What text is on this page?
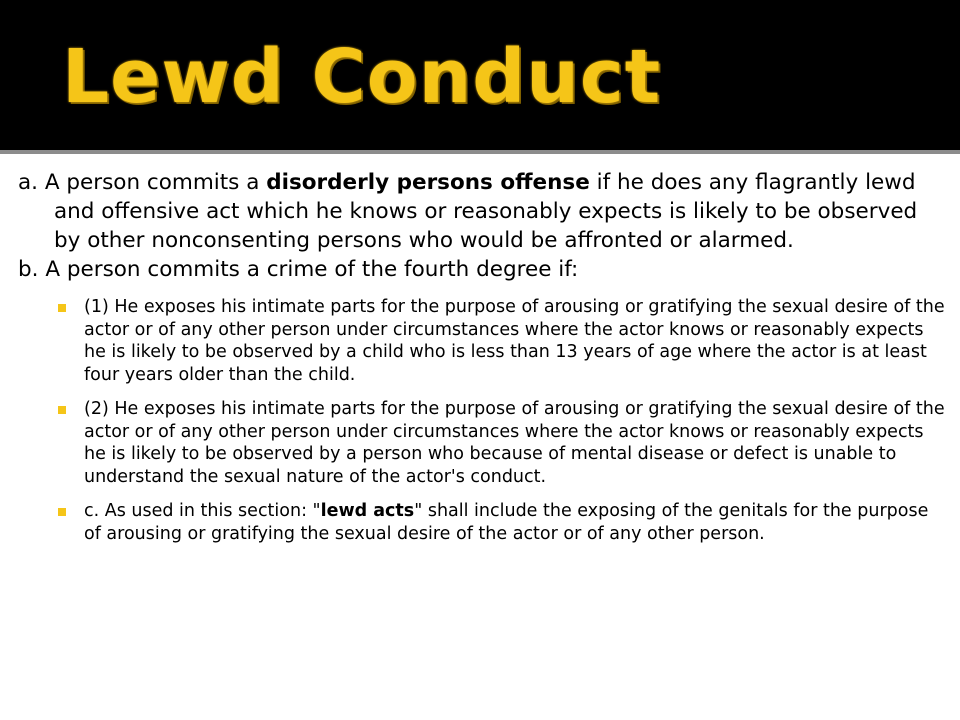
Lewd Conduct

a. A person commits a disorderly persons offense if he does any flagrantly lewd and offensive act which he knows or reasonably expects is likely to be observed by other nonconsenting persons who would be affronted or alarmed.

b. A person commits a crime of the fourth degree if:

(1) He exposes his intimate parts for the purpose of arousing or gratifying the sexual desire of the actor or of any other person under circumstances where the actor knows or reasonably expects he is likely to be observed by a child who is less than 13 years of age where the actor is at least four years older than the child.
(2) He exposes his intimate parts for the purpose of arousing or gratifying the sexual desire of the actor or of any other person under circumstances where the actor knows or reasonably expects he is likely to be observed by a person who because of mental disease or defect is unable to understand the sexual nature of the actor's conduct.
c. As used in this section: "lewd acts" shall include the exposing of the genitals for the purpose of arousing or gratifying the sexual desire of the actor or of any other person.
